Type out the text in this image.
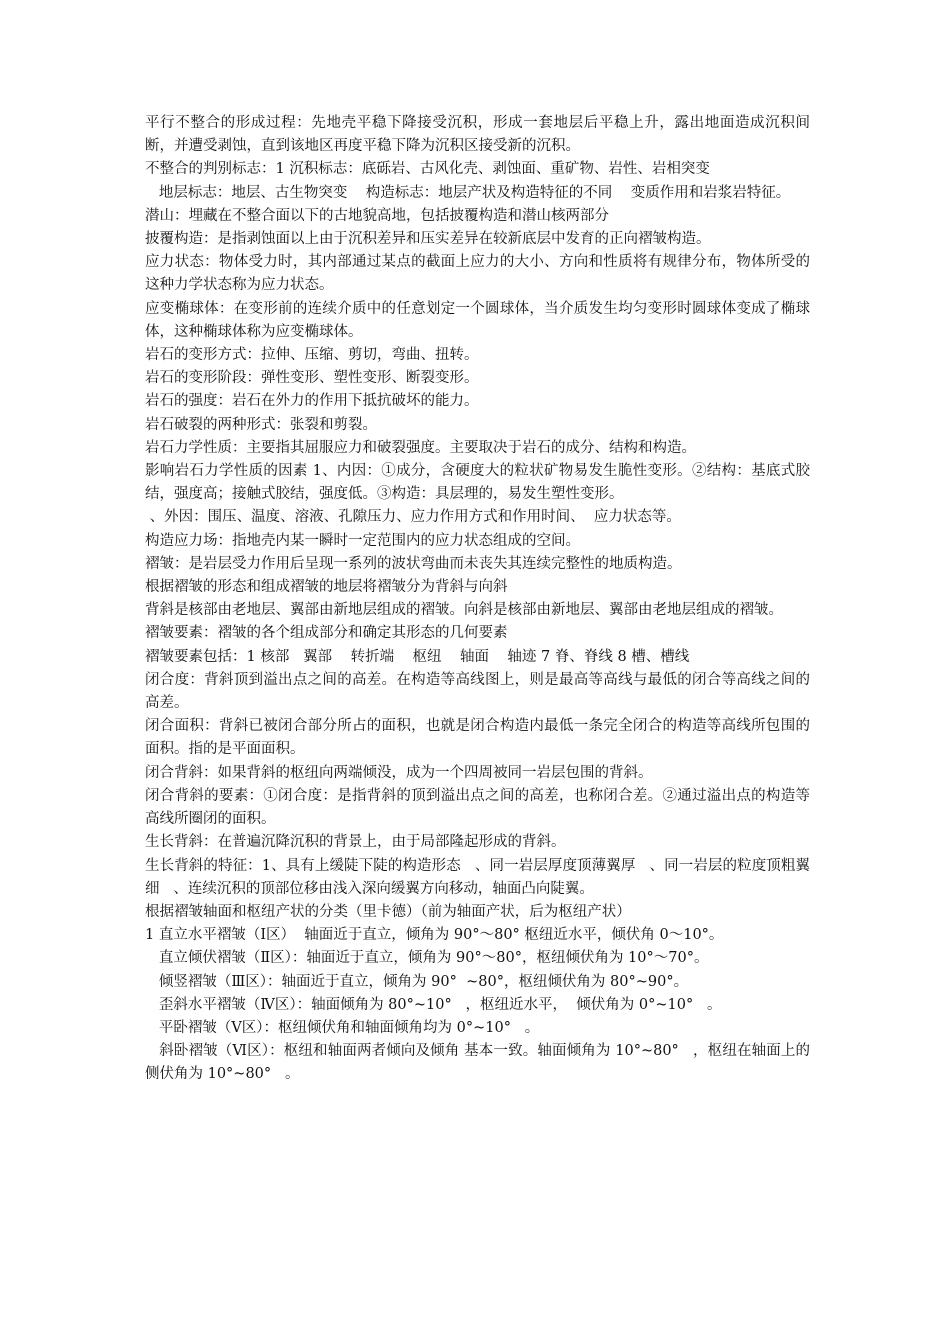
平行不整合的形成过程：先地壳平稳下降接受沉积，形成一套地层后平稳上升，露出地面造成沉积间断，并遭受剥蚀，直到该地区再度平稳下降为沉积区接受新的沉积。

不整合的判别标志：1 沉积标志：底砾岩、古风化壳、剥蚀面、重矿物、岩性、岩相突变

地层标志：地层、古生物突变    构造标志：地层产状及构造特征的不同    变质作用和岩浆岩特征。

潜山：埋藏在不整合面以下的古地貌高地，包括披覆构造和潜山核两部分

披覆构造：是指剥蚀面以上由于沉积差异和压实差异在较新底层中发育的正向褶皱构造。

应力状态：物体受力时，其内部通过某点的截面上应力的大小、方向和性质将有规律分布，物体所受的这种力学状态称为应力状态。

应变椭球体：在变形前的连续介质中的任意划定一个圆球体，当介质发生均匀变形时圆球体变成了椭球体，这种椭球体称为应变椭球体。

岩石的变形方式：拉伸、压缩、剪切，弯曲、扭转。

岩石的变形阶段：弹性变形、塑性变形、断裂变形。

岩石的强度：岩石在外力的作用下抵抗破坏的能力。

岩石破裂的两种形式：张裂和剪裂。

岩石力学性质：主要指其屈服应力和破裂强度。主要取决于岩石的成分、结构和构造。

影响岩石力学性质的因素 1、内因：①成分，含硬度大的粒状矿物易发生脆性变形。②结构：基底式胶结，强度高；接触式胶结，强度低。③构造：具层理的，易发生塑性变形。

、外因：围压、温度、溶液、孔隙压力、应力作用方式和作用时间、  应力状态等。

构造应力场：指地壳内某一瞬时一定范围内的应力状态组成的空间。

褶皱：是岩层受力作用后呈现一系列的波状弯曲而未丧失其连续完整性的地质构造。

根据褶皱的形态和组成褶皱的地层将褶皱分为背斜与向斜

背斜是核部由老地层、翼部由新地层组成的褶皱。向斜是核部由新地层、翼部由老地层组成的褶皱。

褶皱要素：褶皱的各个组成部分和确定其形态的几何要素

褶皱要素包括：1 核部   翼部    转折端    枢纽    轴面    轴迹 7 脊、脊线 8 槽、槽线

闭合度：背斜顶到溢出点之间的高差。在构造等高线图上，则是最高等高线与最低的闭合等高线之间的高差。

闭合面积：背斜已被闭合部分所占的面积，也就是闭合构造内最低一条完全闭合的构造等高线所包围的面积。指的是平面面积。

闭合背斜：如果背斜的枢纽向两端倾没，成为一个四周被同一岩层包围的背斜。

闭合背斜的要素：①闭合度：是指背斜的顶到溢出点之间的高差，也称闭合差。②通过溢出点的构造等高线所圈闭的面积。

生长背斜：在普遍沉降沉积的背景上，由于局部隆起形成的背斜。

生长背斜的特征：1、具有上缓陡下陡的构造形态   、同一岩层厚度顶薄翼厚   、同一岩层的粒度顶粗翼细   、连续沉积的顶部位移由浅入深向缓翼方向移动，轴面凸向陡翼。

根据褶皱轴面和枢纽产状的分类（里卡德）（前为轴面产状，后为枢纽产状）

1 直立水平褶皱（Ⅰ区）  轴面近于直立，倾角为 90°～80° 枢纽近水平，倾伏角 0～10°。

直立倾伏褶皱（Ⅱ区）：轴面近于直立，倾角为 90°～80°，枢纽倾伏角为 10°～70°。

倾竖褶皱（Ⅲ区）：轴面近于直立，倾角为 90°  ~80°，枢纽倾伏角为 80°~90°。

歪斜水平褶皱（Ⅳ区）：轴面倾角为 80°~10°   ，枢纽近水平，  倾伏角为 0°~10°   。

平卧褶皱（Ⅴ区）：枢纽倾伏角和轴面倾角均为 0°~10°   。

斜卧褶皱（Ⅵ区）：枢纽和轴面两者倾向及倾角 基本一致。轴面倾角为 10°~80°   ，枢纽在轴面上的侧伏角为 10°~80°   。
